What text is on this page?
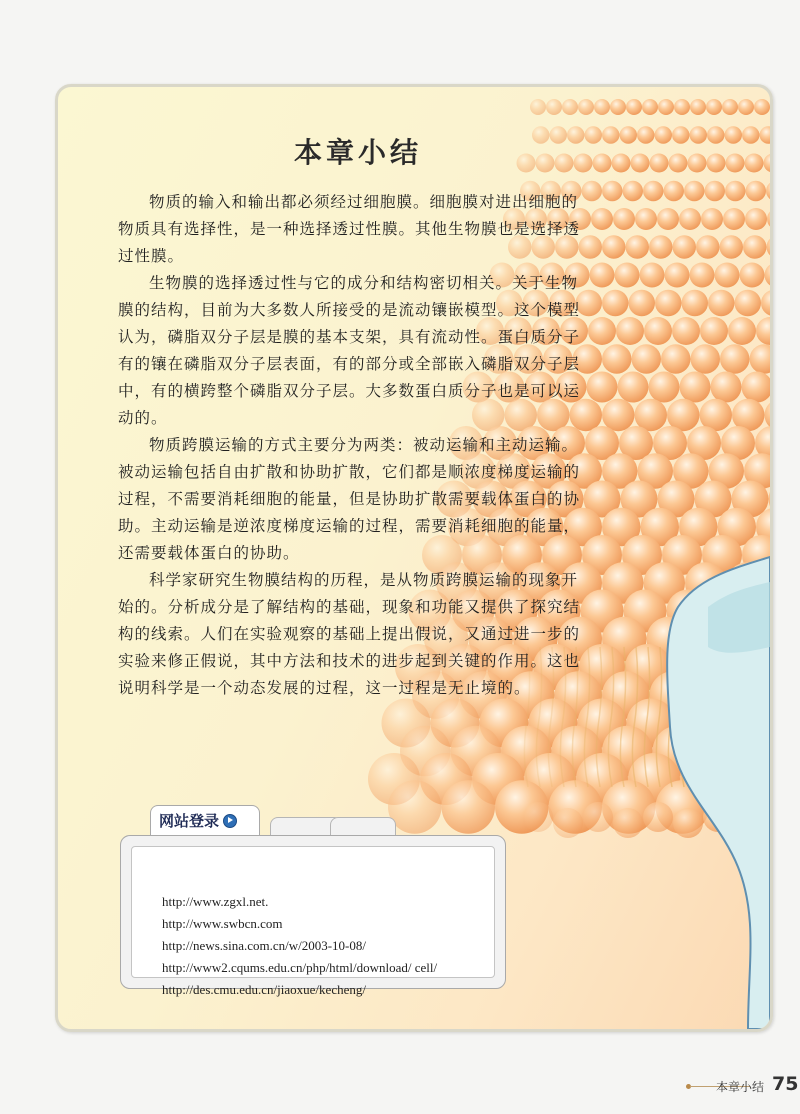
本章小结

物质的输入和输出都必须经过细胞膜。细胞膜对进出细胞的物质具有选择性，是一种选择透过性膜。其他生物膜也是选择透过性膜。

生物膜的选择透过性与它的成分和结构密切相关。关于生物膜的结构，目前为大多数人所接受的是流动镶嵌模型。这个模型认为，磷脂双分子层是膜的基本支架，具有流动性。蛋白质分子有的镶在磷脂双分子层表面，有的部分或全部嵌入磷脂双分子层中，有的横跨整个磷脂双分子层。大多数蛋白质分子也是可以运动的。

物质跨膜运输的方式主要分为两类：被动运输和主动运输。被动运输包括自由扩散和协助扩散，它们都是顺浓度梯度运输的过程，不需要消耗细胞的能量，但是协助扩散需要载体蛋白的协助。主动运输是逆浓度梯度运输的过程，需要消耗细胞的能量，还需要载体蛋白的协助。

科学家研究生物膜结构的历程，是从物质跨膜运输的现象开始的。分析成分是了解结构的基础，现象和功能又提供了探究结构的线索。人们在实验观察的基础上提出假说，又通过进一步的实验来修正假说，其中方法和技术的进步起到关键的作用。这也说明科学是一个动态发展的过程，这一过程是无止境的。

网站登录
http://www.zgxl.net.
http://www.swbcn.com
http://news.sina.com.cn/w/2003-10-08/
http://www2.cqums.edu.cn/php/html/download/ cell/
http://des.cmu.edu.cn/jiaoxue/kecheng/
本章小结 75
